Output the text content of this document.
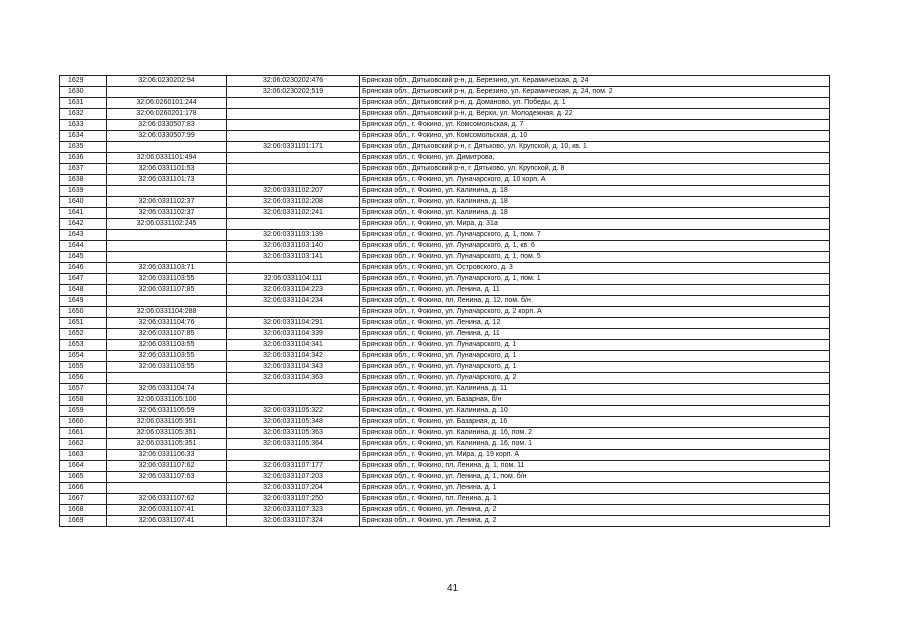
1629	32:06:0230202:94	32:06:0230202:476	Брянская обл., Дятьковский р-н, д. Березино, ул. Керамическая, д. 24
1630		32:06:0230202:519	Брянская обл., Дятьковский р-н, д. Березино, ул. Керамическая, д. 24, пом. 2
1631	32:06:0260101:244		Брянская обл., Дятьковский р-н, д. Доманово, ул. Победы, д. 1
1632	32:06:0260201:178		Брянская обл., Дятьковский р-н, д. Верхи, ул. Молодежная, д. 22
1633	32:06:0330507:83		Брянская обл., г. Фокино, ул. Комсомольская, д. 7
1634	32:06:0330507:99		Брянская обл., г. Фокино, ул. Комсомольская, д. 10
1635		32:06:0331101:171	Брянская обл., Дятьковский р-н, г. Дятьково, ул. Крупской, д. 10, кв. 1
1636	32:06:0331101:494		Брянская обл., г. Фокино, ул. Димитрова,
1637	32:06:0331101:53		Брянская обл., Дятьковский р-н, г. Дятьково, ул. Крупской, д. 8
1638	32:06:0331101:73		Брянская обл., г. Фокино, ул. Луначарского, д. 10 корп. А
1639		32:06:0331102:207	Брянская обл., г. Фокино, ул. Калинина, д. 18
1640	32:06:0331102:37	32:06:0331102:208	Брянская обл., г. Фокино, ул. Калинина, д. 18
1641	32:06:0331102:37	32:06:0331102:241	Брянская обл., г. Фокино, ул. Калинина, д. 18
1642	32:06:0331102:245		Брянская обл., г. Фокино, ул. Мира, д. 31а
1643		32:06:0331103:139	Брянская обл., г. Фокино, ул. Луначарского, д. 1, пом. 7
1644		32:06:0331103:140	Брянская обл., г. Фокино, ул. Луначарского, д. 1, кв. 6
1645		32:06:0331103:141	Брянская обл., г. Фокино, ул. Луначарского, д. 1, пом. 5
1646	32:06:0331103:71		Брянская обл., г. Фокино, ул. Островского, д. 3
1647	32:06:0331103:55	32:06:0331104:111	Брянская обл., г. Фокино, ул. Луначарского, д. 1, пом. 1
1648	32:06:0331107:85	32:06:0331104:223	Брянская обл., г. Фокино, ул. Ленина, д. 11
1649		32:06:0331104:234	Брянская обл., г. Фокино, пл. Ленина, д. 12, пом. б/н
1650	32:06:0331104:288		Брянская обл., г. Фокино, ул. Луначарского, д. 2 корп. А
1651	32:06:0331104:76	32:06:0331104:291	Брянская обл., г. Фокино, ул. Ленина, д. 12
1652	32:06:0331107:85	32:06:0331104:339	Брянская обл., г. Фокино, ул. Ленина, д. 11
1653	32:06:0331103:55	32:06:0331104:341	Брянская обл., г. Фокино, ул. Луначарского, д. 1
1654	32:06:0331103:55	32:06:0331104:342	Брянская обл., г. Фокино, ул. Луначарского, д. 1
1655	32:06:0331103:55	32:06:0331104:343	Брянская обл., г. Фокино, ул. Луначарского, д. 1
1656		32:06:0331104:363	Брянская обл., г. Фокино, ул. Луначарского, д. 2
1657	32:06:0331104:74		Брянская обл., г. Фокино, ул. Калинина, д. 11
1658	32:06:0331105:100		Брянская обл., г. Фокино, ул. Базарная, б/н
1659	32:06:0331105:59	32:06:0331105:322	Брянская обл., г. Фокино, ул. Калинина, д. 10
1660	32:06:0331105:351	32:06:0331105:348	Брянская обл., г. Фокино, ул. Базарная, д. 16
1661	32:06:0331105:351	32:06:0331105:363	Брянская обл., г. Фокино, ул. Калинина, д. 16, пом. 2
1662	32:06:0331105:351	32:06:0331105:364	Брянская обл., г. Фокино, ул. Калинина, д. 16, пом. 1
1663	32:06:0331106:33		Брянская обл., г. Фокино, ул. Мира, д. 19 корп. А
1664	32:06:0331107:62	32:06:0331107:177	Брянская обл., г. Фокино, пл. Ленина, д. 1, пом. 11
1665	32:06:0331107:63	32:06:0331107:203	Брянская обл., г. Фокино, ул. Ленина, д. 1, пом. б/н
1666		32:06:0331107:204	Брянская обл., г. Фокино, ул. Ленина, д. 1
1667	32:06:0331107:62	32:06:0331107:250	Брянская обл., г. Фокино, пл. Ленина, д. 1
1668	32:06:0331107:41	32:06:0331107:323	Брянская обл., г. Фокино, ул. Ленина, д. 2
1669	32:06:0331107:41	32:06:0331107:324	Брянская обл., г. Фокино, ул. Ленина, д. 2
41
